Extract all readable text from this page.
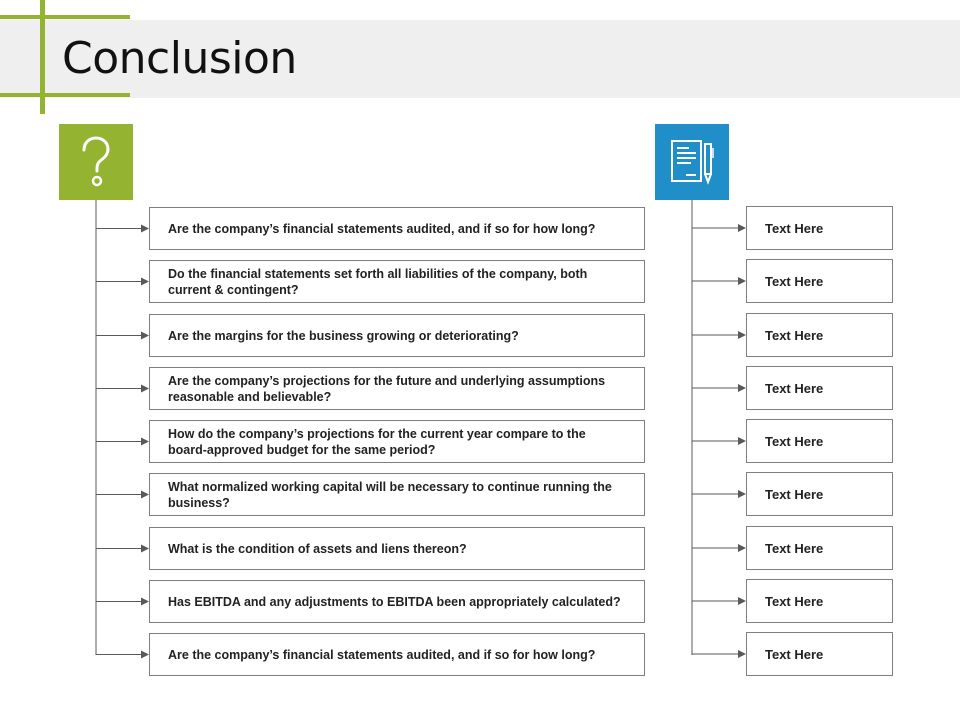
Conclusion
Are the company’s financial statements audited, and if so for how long?
Do the financial statements set forth all liabilities of the company, both current & contingent?
Are the margins for the business growing or deteriorating?
Are the company’s projections for the future and underlying assumptions reasonable and believable?
How do the company’s projections for the current year compare to the board-approved budget for the same period?
What normalized working capital will be necessary to continue running the business?
What is the condition of assets and liens thereon?
Has EBITDA and any adjustments to EBITDA been appropriately calculated?
Are the company’s financial statements audited, and if so for how long?
Text Here
Text Here
Text Here
Text Here
Text Here
Text Here
Text Here
Text Here
Text Here
